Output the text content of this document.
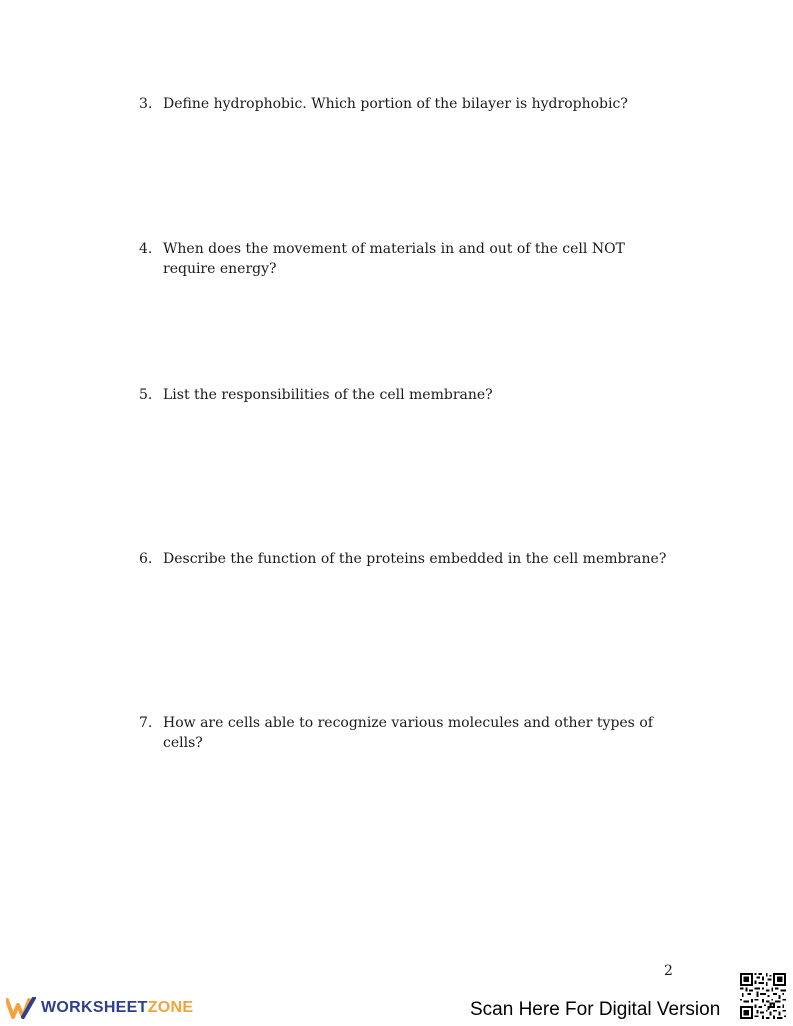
3. Define hydrophobic. Which portion of the bilayer is hydrophobic?
4. When does the movement of materials in and out of the cell NOT require energy?
5. List the responsibilities of the cell membrane?
6. Describe the function of the proteins embedded in the cell membrane?
7. How are cells able to recognize various molecules and other types of cells?
2
WORKSHEETZONE	Scan Here For Digital Version
